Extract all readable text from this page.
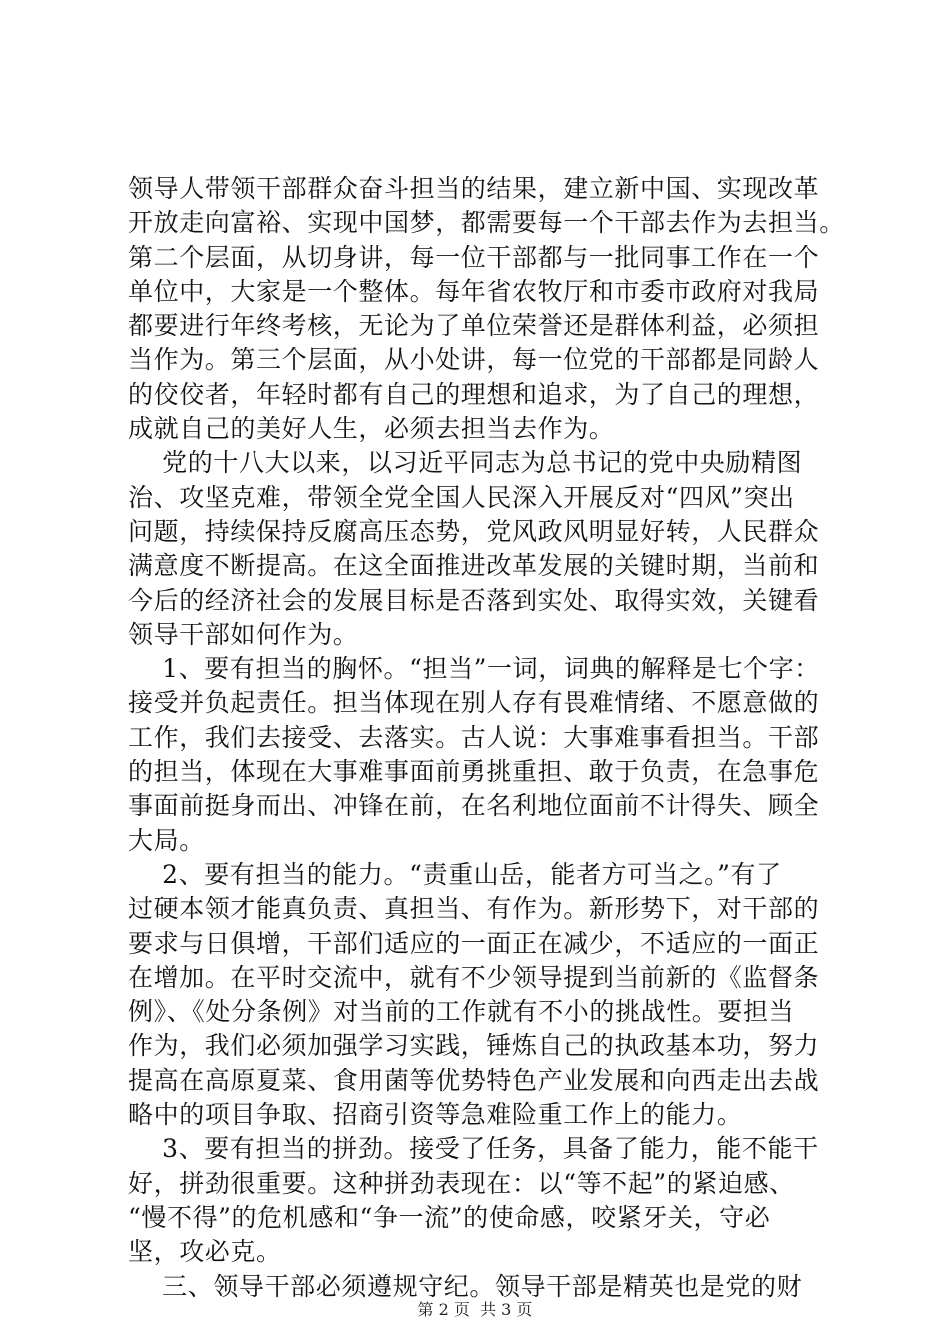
领导人带领干部群众奋斗担当的结果，建立新中国、实现改革
开放走向富裕、实现中国梦，都需要每一个干部去作为去担当。
第二个层面，从切身讲，每一位干部都与一批同事工作在一个
单位中，大家是一个整体。每年省农牧厅和市委市政府对我局
都要进行年终考核，无论为了单位荣誉还是群体利益，必须担
当作为。第三个层面，从小处讲，每一位党的干部都是同龄人
的佼佼者，年轻时都有自己的理想和追求，为了自己的理想，
成就自己的美好人生，必须去担当去作为。
党的十八大以来，以习近平同志为总书记的党中央励精图
治、攻坚克难，带领全党全国人民深入开展反对“四风”突出
问题，持续保持反腐高压态势，党风政风明显好转，人民群众
满意度不断提高。在这全面推进改革发展的关键时期，当前和
今后的经济社会的发展目标是否落到实处、取得实效，关键看
领导干部如何作为。
1、要有担当的胸怀。“担当”一词，词典的解释是七个字：
接受并负起责任。担当体现在别人存有畏难情绪、不愿意做的
工作，我们去接受、去落实。古人说：大事难事看担当。干部
的担当，体现在大事难事面前勇挑重担、敢于负责，在急事危
事面前挺身而出、冲锋在前，在名利地位面前不计得失、顾全
大局。
2、要有担当的能力。“责重山岳，能者方可当之。”有了
过硬本领才能真负责、真担当、有作为。新形势下，对干部的
要求与日俱增，干部们适应的一面正在减少，不适应的一面正
在增加。在平时交流中，就有不少领导提到当前新的《监督条
例》、《处分条例》对当前的工作就有不小的挑战性。要担当
作为，我们必须加强学习实践，锤炼自己的执政基本功，努力
提高在高原夏菜、食用菌等优势特色产业发展和向西走出去战
略中的项目争取、招商引资等急难险重工作上的能力。
3、要有担当的拼劲。接受了任务，具备了能力，能不能干
好，拼劲很重要。这种拼劲表现在：以“等不起”的紧迫感、
“慢不得”的危机感和“争一流”的使命感，咬紧牙关，守必
坚，攻必克。
三、领导干部必须遵规守纪。领导干部是精英也是党的财
第 2 页  共 3 页
